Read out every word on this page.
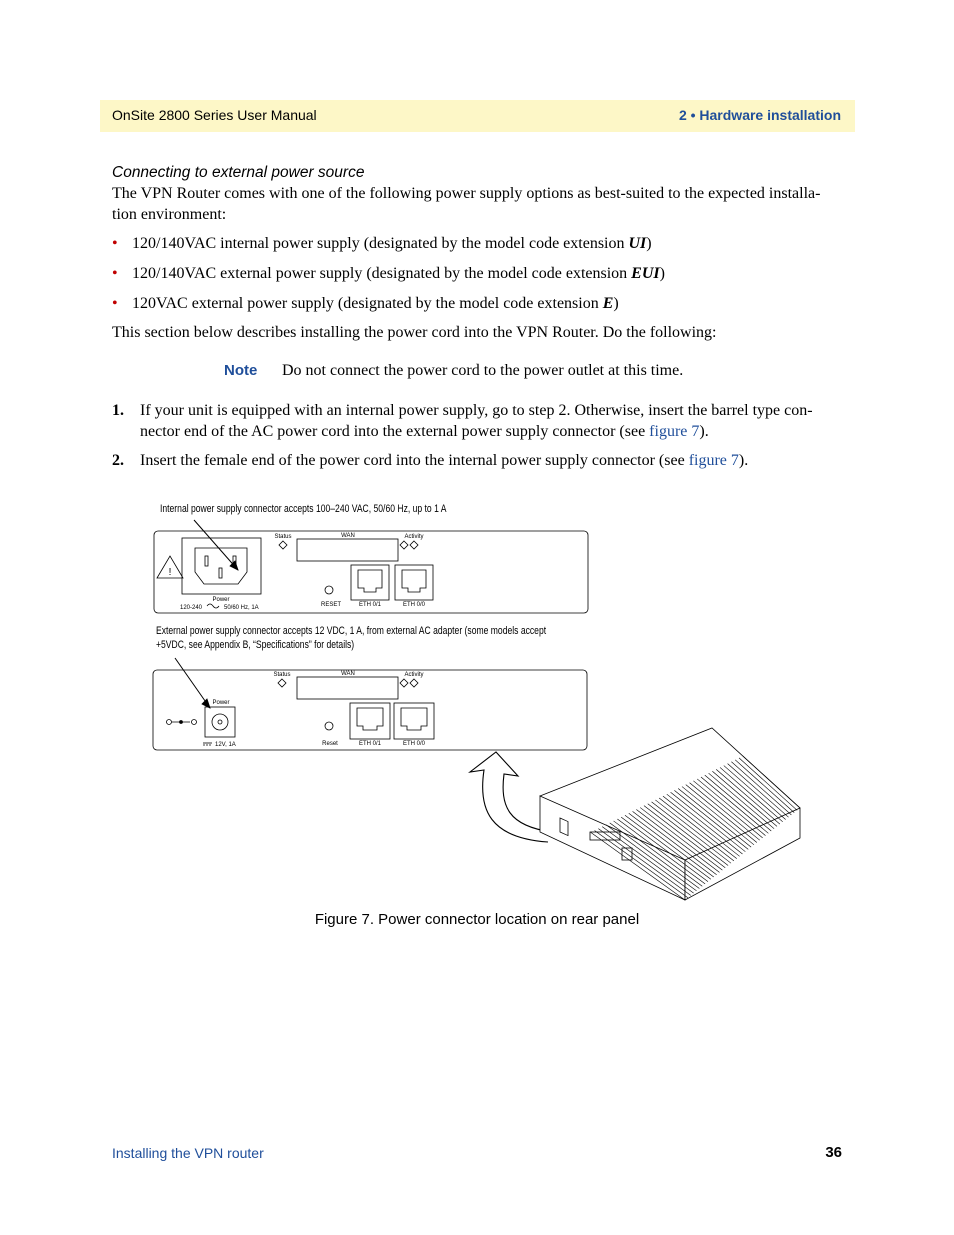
OnSite 2800 Series User Manual	2 • Hardware installation
Connecting to external power source
The VPN Router comes with one of the following power supply options as best-suited to the expected installa-
tion environment:
• 120/140VAC internal power supply (designated by the model code extension UI)
• 120/140VAC external power supply (designated by the model code extension EUI)
• 120VAC external power supply (designated by the model code extension E)
This section below describes installing the power cord into the VPN Router. Do the following:
Note Do not connect the power cord to the power outlet at this time.
1. If your unit is equipped with an internal power supply, go to step 2. Otherwise, insert the barrel type con-
nector end of the AC power cord into the external power supply connector (see figure 7).
2. Insert the female end of the power cord into the internal power supply connector (see figure 7).
Internal power supply connector accepts 100–240 VAC, 50/60 Hz, up to 1 A
External power supply connector accepts 12 VDC, 1 A, from external AC adapter (some models accept
+5VDC, see Appendix B, “Specifications” for details)
!
Power
120-240	50/60 Hz, 1A
Status	WAN	Activity
RESET	ETH 0/1	ETH 0/0
Power
12V, 1A
Status	WAN	Activity
Reset	ETH 0/1	ETH 0/0
Figure 7. Power connector location on rear panel
Installing the VPN router	36
